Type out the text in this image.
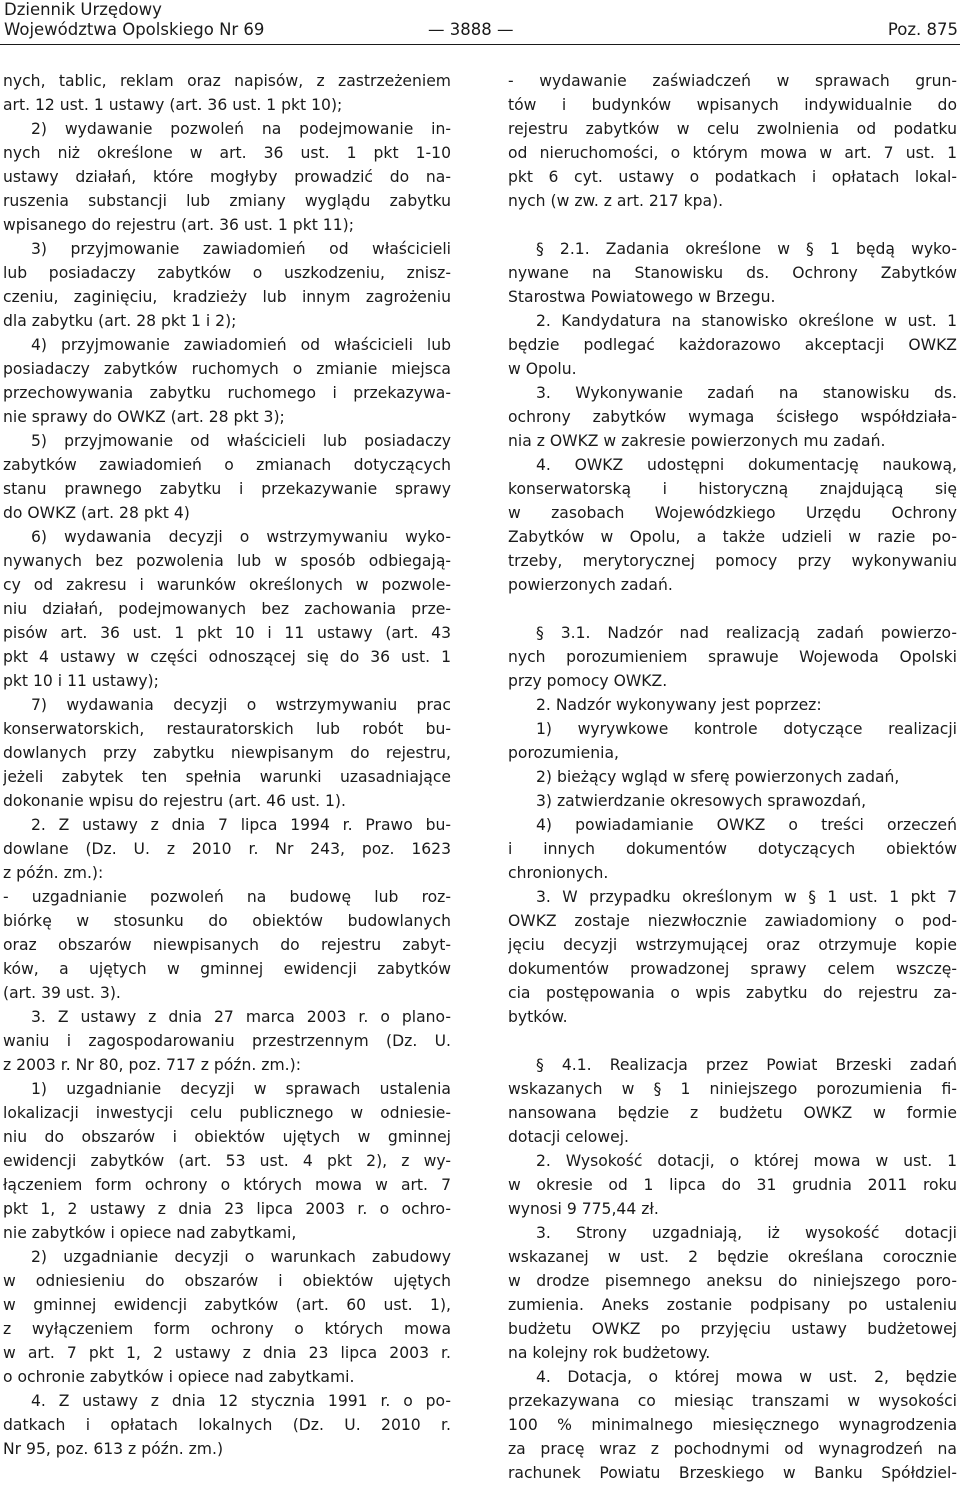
Dziennik Urzędowy
Województwa Opolskiego Nr 69	— 3888 —	Poz. 875

nych, tablic, reklam oraz napisów, z zastrzeżeniem

art. 12 ust. 1 ustawy (art. 36 ust. 1 pkt 10);

2) wydawanie pozwoleń na podejmowanie in-

nych niż określone w art. 36 ust. 1 pkt 1-10

ustawy działań, które mogłyby prowadzić do na-

ruszenia substancji lub zmiany wyglądu zabytku

wpisanego do rejestru (art. 36 ust. 1 pkt 11);

3) przyjmowanie zawiadomień od właścicieli

lub posiadaczy zabytków o uszkodzeniu, znisz-

czeniu, zaginięciu, kradzieży lub innym zagrożeniu

dla zabytku (art. 28 pkt 1 i 2);

4) przyjmowanie zawiadomień od właścicieli lub

posiadaczy zabytków ruchomych o zmianie miejsca

przechowywania zabytku ruchomego i przekazywa-

nie sprawy do OWKZ (art. 28 pkt 3);

5) przyjmowanie od właścicieli lub posiadaczy

zabytków zawiadomień o zmianach dotyczących

stanu prawnego zabytku i przekazywanie sprawy

do OWKZ (art. 28 pkt 4)

6) wydawania decyzji o wstrzymywaniu wyko-

nywanych bez pozwolenia lub w sposób odbiegają-

cy od zakresu i warunków określonych w pozwole-

niu działań, podejmowanych bez zachowania prze-

pisów art. 36 ust. 1 pkt 10 i 11 ustawy (art. 43

pkt 4 ustawy w części odnoszącej się do 36 ust. 1

pkt 10 i 11 ustawy);

7) wydawania decyzji o wstrzymywaniu prac

konserwatorskich, restauratorskich lub robót bu-

dowlanych przy zabytku niewpisanym do rejestru,

jeżeli zabytek ten spełnia warunki uzasadniające

dokonanie wpisu do rejestru (art. 46 ust. 1).

2. Z ustawy z dnia 7 lipca 1994 r. Prawo bu-

dowlane (Dz. U. z 2010 r. Nr 243, poz. 1623

z późn. zm.):

- uzgadnianie pozwoleń na budowę lub roz-

biórkę w stosunku do obiektów budowlanych

oraz obszarów niewpisanych do rejestru zabyt-

ków, a ujętych w gminnej ewidencji zabytków

(art. 39 ust. 3).

3. Z ustawy z dnia 27 marca 2003 r. o plano-

waniu i zagospodarowaniu przestrzennym (Dz. U.

z 2003 r. Nr 80, poz. 717 z późn. zm.):

1) uzgadnianie decyzji w sprawach ustalenia

lokalizacji inwestycji celu publicznego w odniesie-

niu do obszarów i obiektów ujętych w gminnej

ewidencji zabytków (art. 53 ust. 4 pkt 2), z wy-

łączeniem form ochrony o których mowa w art. 7

pkt 1, 2 ustawy z dnia 23 lipca 2003 r. o ochro-

nie zabytków i opiece nad zabytkami,

2) uzgadnianie decyzji o warunkach zabudowy

w odniesieniu do obszarów i obiektów ujętych

w gminnej ewidencji zabytków (art. 60 ust. 1),

z wyłączeniem form ochrony o których mowa

w art. 7 pkt 1, 2 ustawy z dnia 23 lipca 2003 r.

o ochronie zabytków i opiece nad zabytkami.

4. Z ustawy z dnia 12 stycznia 1991 r. o po-

datkach i opłatach lokalnych (Dz. U. 2010 r.

Nr 95, poz. 613 z późn. zm.)

- wydawanie zaświadczeń w sprawach grun-

tów i budynków wpisanych indywidualnie do

rejestru zabytków w celu zwolnienia od podatku

od nieruchomości, o którym mowa w art. 7 ust. 1

pkt 6 cyt. ustawy o podatkach i opłatach lokal-

nych (w zw. z art. 217 kpa).

§ 2.1. Zadania określone w § 1 będą wyko-

nywane na Stanowisku ds. Ochrony Zabytków

Starostwa Powiatowego w Brzegu.

2. Kandydatura na stanowisko określone w ust. 1

będzie podlegać każdorazowo akceptacji OWKZ

w Opolu.

3. Wykonywanie zadań na stanowisku ds.

ochrony zabytków wymaga ścisłego współdziała-

nia z OWKZ w zakresie powierzonych mu zadań.

4. OWKZ udostępni dokumentację naukową,

konserwatorską i historyczną znajdującą się

w zasobach Wojewódzkiego Urzędu Ochrony

Zabytków w Opolu, a także udzieli w razie po-

trzeby, merytorycznej pomocy przy wykonywaniu

powierzonych zadań.

§ 3.1. Nadzór nad realizacją zadań powierzo-

nych porozumieniem sprawuje Wojewoda Opolski

przy pomocy OWKZ.

2. Nadzór wykonywany jest poprzez:

1) wyrywkowe kontrole dotyczące realizacji

porozumienia,

2) bieżący wgląd w sferę powierzonych zadań,

3) zatwierdzanie okresowych sprawozdań,

4) powiadamianie OWKZ o treści orzeczeń

i innych dokumentów dotyczących obiektów

chronionych.

3. W przypadku określonym w § 1 ust. 1 pkt 7

OWKZ zostaje niezwłocznie zawiadomiony o pod-

jęciu decyzji wstrzymującej oraz otrzymuje kopie

dokumentów prowadzonej sprawy celem wszczę-

cia postępowania o wpis zabytku do rejestru za-

bytków.

§ 4.1. Realizacja przez Powiat Brzeski zadań

wskazanych w § 1 niniejszego porozumienia fi-

nansowana będzie z budżetu OWKZ w formie

dotacji celowej.

2. Wysokość dotacji, o której mowa w ust. 1

w okresie od 1 lipca do 31 grudnia 2011 roku

wynosi 9 775,44 zł.

3. Strony uzgadniają, iż wysokość dotacji

wskazanej w ust. 2 będzie określana corocznie

w drodze pisemnego aneksu do niniejszego poro-

zumienia. Aneks zostanie podpisany po ustaleniu

budżetu OWKZ po przyjęciu ustawy budżetowej

na kolejny rok budżetowy.

4. Dotacja, o której mowa w ust. 2, będzie

przekazywana co miesiąc transzami w wysokości

100 % minimalnego miesięcznego wynagrodzenia

za pracę wraz z pochodnymi od wynagrodzeń na

rachunek Powiatu Brzeskiego w Banku Spółdziel-
